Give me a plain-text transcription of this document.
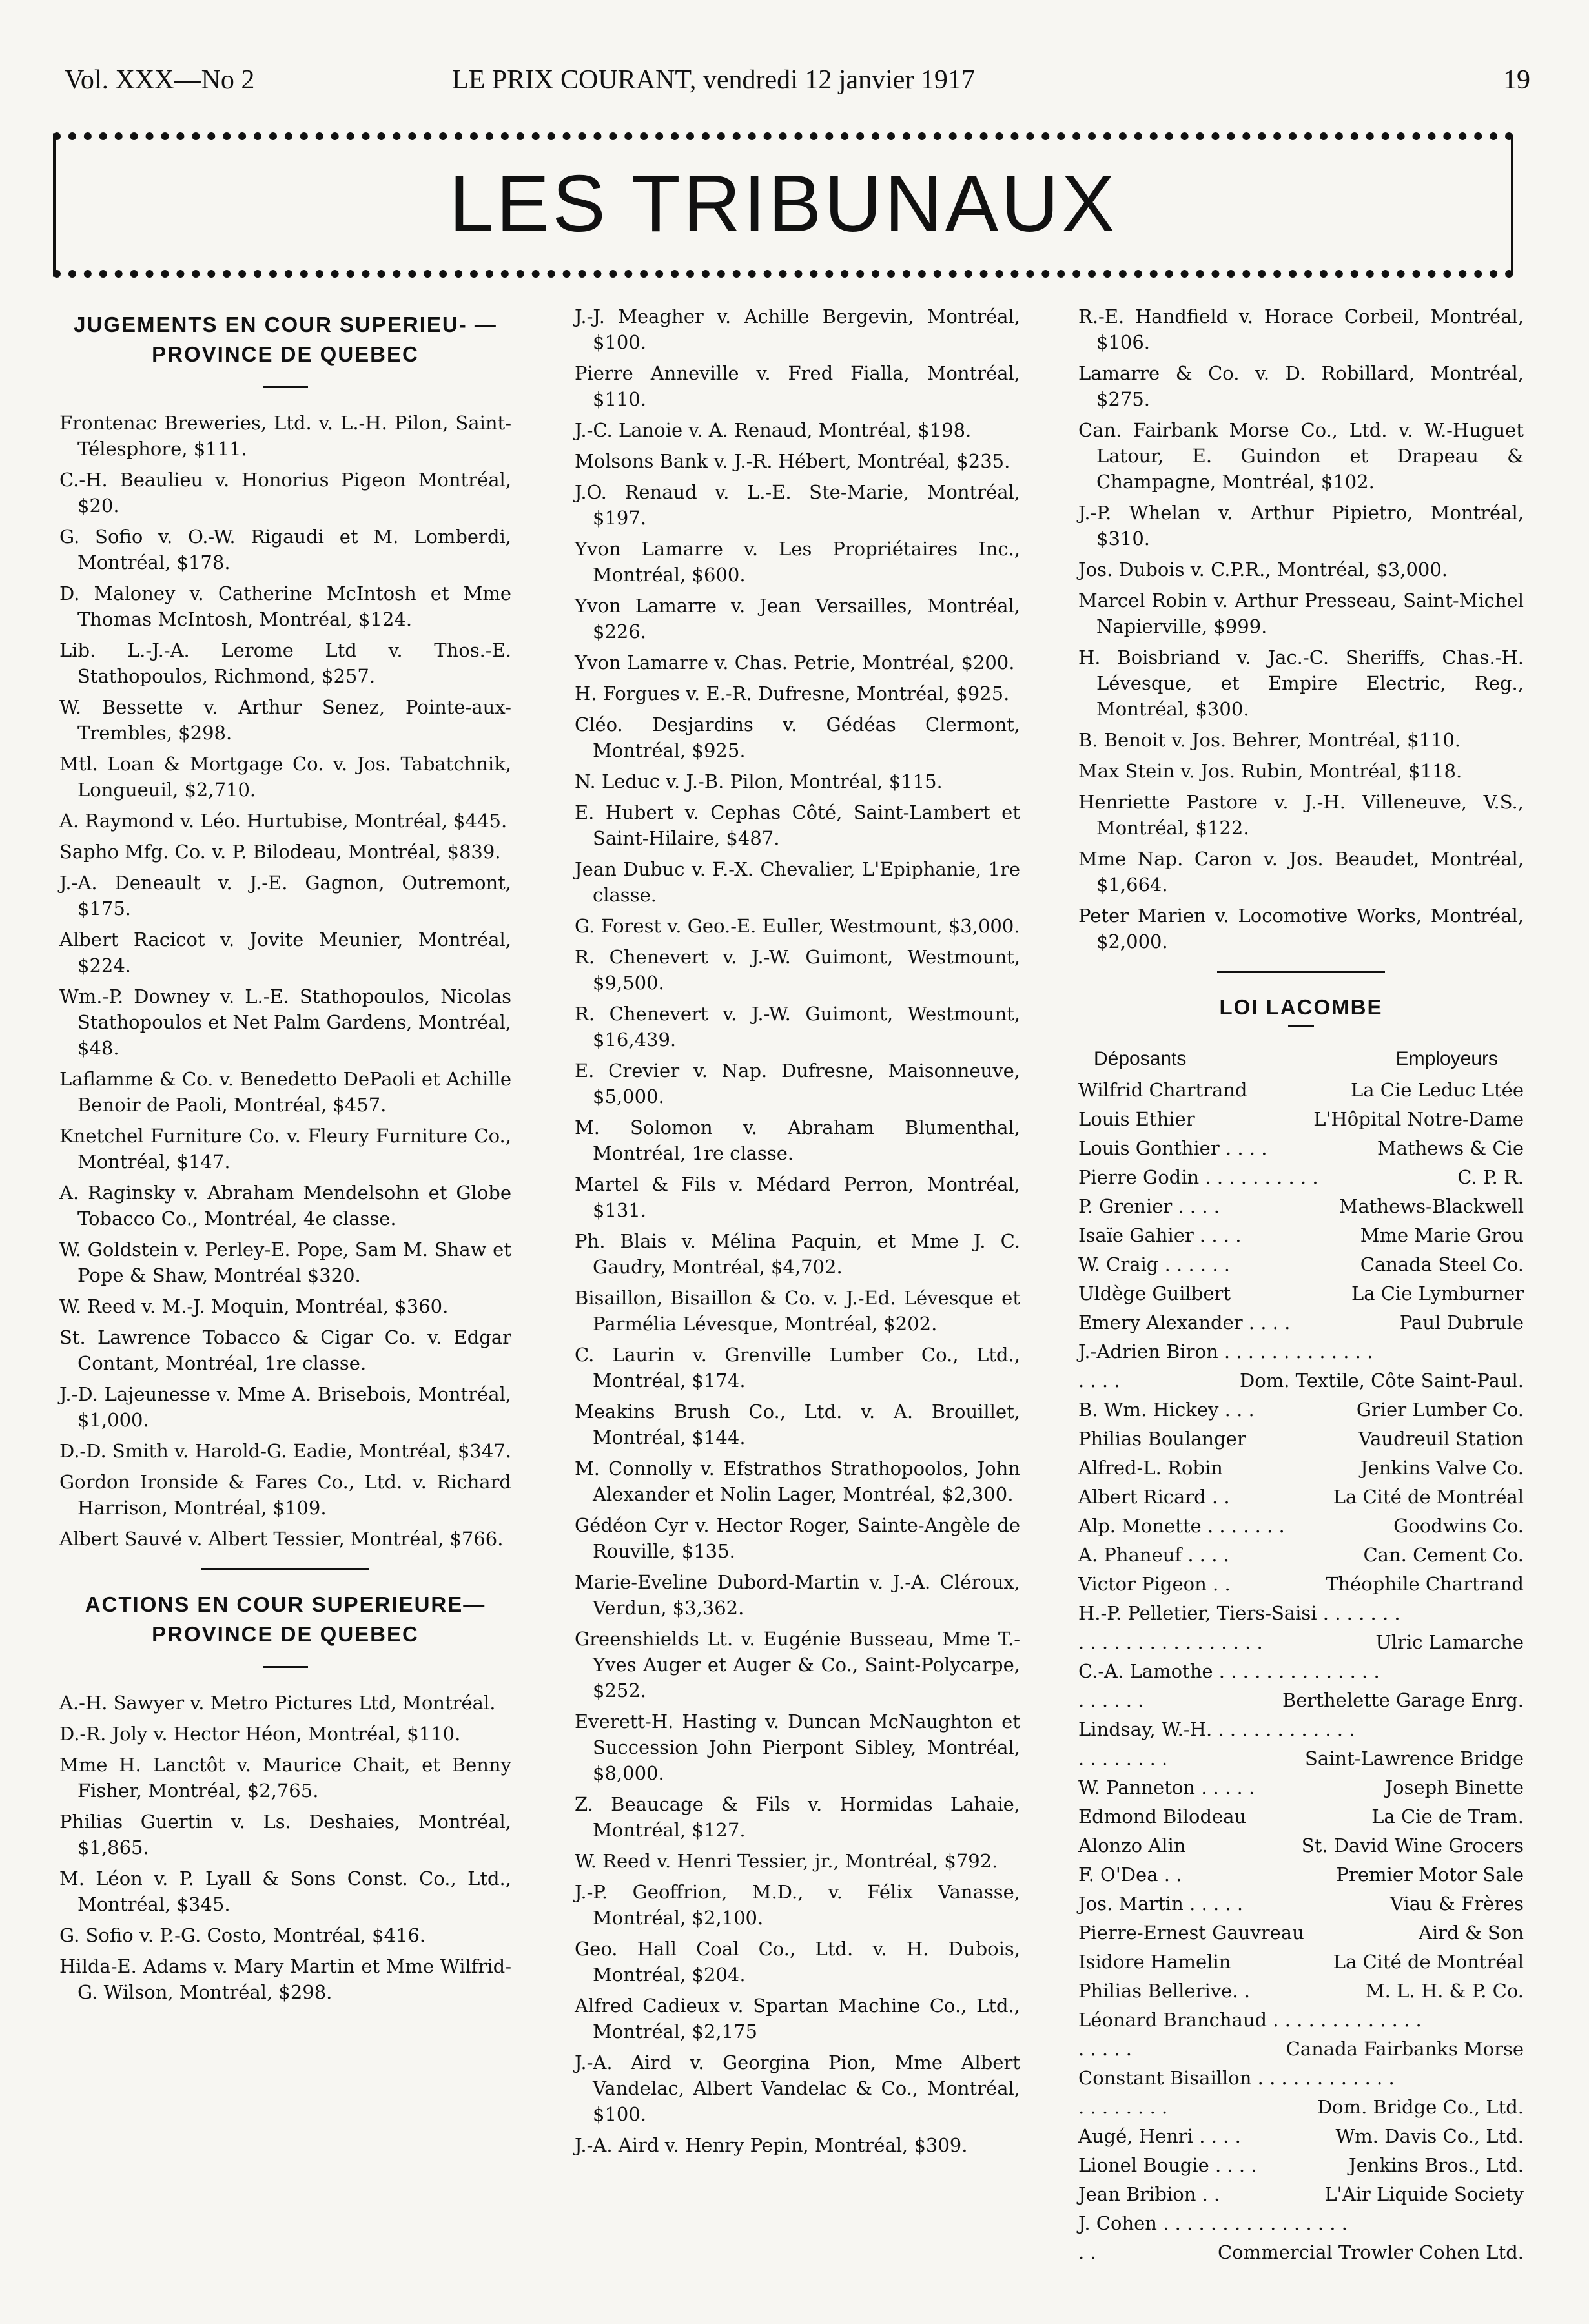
Vol. XXX—No 2	LE PRIX COURANT, vendredi 12 janvier 1917	19
LES TRIBUNAUX
JUGEMENTS EN COUR SUPERIEU- —PROVINCE DE QUEBEC

Frontenac Breweries, Ltd. v. L.-H. Pilon, Saint-Télesphore, $111.

C.-H. Beaulieu v. Honorius Pigeon Montréal, $20.

G. Sofio v. O.-W. Rigaudi et M. Lomberdi, Montréal, $178.

D. Maloney v. Catherine McIntosh et Mme Thomas McIntosh, Montréal, $124.

Lib. L.-J.-A. Lerome Ltd v. Thos.-E. Stathopoulos, Richmond, $257.

W. Bessette v. Arthur Senez, Pointe-aux-Trembles, $298.

Mtl. Loan & Mortgage Co. v. Jos. Tabatchnik, Longueuil, $2,710.

A. Raymond v. Léo. Hurtubise, Montréal, $445.

Sapho Mfg. Co. v. P. Bilodeau, Montréal, $839.

J.-A. Deneault v. J.-E. Gagnon, Outremont, $175.

Albert Racicot v. Jovite Meunier, Montréal, $224.

Wm.-P. Downey v. L.-E. Stathopoulos, Nicolas Stathopoulos et Net Palm Gardens, Montréal, $48.

Laflamme & Co. v. Benedetto DePaoli et Achille Benoir de Paoli, Montréal, $457.

Knetchel Furniture Co. v. Fleury Furniture Co., Montréal, $147.

A. Raginsky v. Abraham Mendelsohn et Globe Tobacco Co., Montréal, 4e classe.

W. Goldstein v. Perley-E. Pope, Sam M. Shaw et Pope & Shaw, Montréal $320.

W. Reed v. M.-J. Moquin, Montréal, $360.

St. Lawrence Tobacco & Cigar Co. v. Edgar Contant, Montréal, 1re classe.

J.-D. Lajeunesse v. Mme A. Brisebois, Montréal, $1,000.

D.-D. Smith v. Harold-G. Eadie, Montréal, $347.

Gordon Ironside & Fares Co., Ltd. v. Richard Harrison, Montréal, $109.

Albert Sauvé v. Albert Tessier, Montréal, $766.

ACTIONS EN COUR SUPERIEURE— PROVINCE DE QUEBEC

A.-H. Sawyer v. Metro Pictures Ltd, Montréal.

D.-R. Joly v. Hector Héon, Montréal, $110.

Mme H. Lanctôt v. Maurice Chait, et Benny Fisher, Montréal, $2,765.

Philias Guertin v. Ls. Deshaies, Montréal, $1,865.

M. Léon v. P. Lyall & Sons Const. Co., Ltd., Montréal, $345.

G. Sofio v. P.-G. Costo, Montréal, $416.

Hilda-E. Adams v. Mary Martin et Mme Wilfrid-G. Wilson, Montréal, $298.

J.-J. Meagher v. Achille Bergevin, Montréal, $100.

Pierre Anneville v. Fred Fialla, Montréal, $110.

J.-C. Lanoie v. A. Renaud, Montréal, $198.

Molsons Bank v. J.-R. Hébert, Montréal, $235.

J.O. Renaud v. L.-E. Ste-Marie, Montréal, $197.

Yvon Lamarre v. Les Propriétaires Inc., Montréal, $600.

Yvon Lamarre v. Jean Versailles, Montréal, $226.

Yvon Lamarre v. Chas. Petrie, Montréal, $200.

H. Forgues v. E.-R. Dufresne, Montréal, $925.

Cléo. Desjardins v. Gédéas Clermont, Montréal, $925.

N. Leduc v. J.-B. Pilon, Montréal, $115.

E. Hubert v. Cephas Côté, Saint-Lambert et Saint-Hilaire, $487.

Jean Dubuc v. F.-X. Chevalier, L'Epiphanie, 1re classe.

G. Forest v. Geo.-E. Euller, Westmount, $3,000.

R. Chenevert v. J.-W. Guimont, Westmount, $9,500.

R. Chenevert v. J.-W. Guimont, Westmount, $16,439.

E. Crevier v. Nap. Dufresne, Maisonneuve, $5,000.

M. Solomon v. Abraham Blumenthal, Montréal, 1re classe.

Martel & Fils v. Médard Perron, Montréal, $131.

Ph. Blais v. Mélina Paquin, et Mme J. C. Gaudry, Montréal, $4,702.

Bisaillon, Bisaillon & Co. v. J.-Ed. Lévesque et Parmélia Lévesque, Montréal, $202.

C. Laurin v. Grenville Lumber Co., Ltd., Montréal, $174.

Meakins Brush Co., Ltd. v. A. Brouillet, Montréal, $144.

M. Connolly v. Efstrathos Strathopoolos, John Alexander et Nolin Lager, Montréal, $2,300.

Gédéon Cyr v. Hector Roger, Sainte-Angèle de Rouville, $135.

Marie-Eveline Dubord-Martin v. J.-A. Cléroux, Verdun, $3,362.

Greenshields Lt. v. Eugénie Busseau, Mme T.-Yves Auger et Auger & Co., Saint-Polycarpe, $252.

Everett-H. Hasting v. Duncan McNaughton et Succession John Pierpont Sibley, Montréal, $8,000.

Z. Beaucage & Fils v. Hormidas Lahaie, Montréal, $127.

W. Reed v. Henri Tessier, jr., Montréal, $792.

J.-P. Geoffrion, M.D., v. Félix Vanasse, Montréal, $2,100.

Geo. Hall Coal Co., Ltd. v. H. Dubois, Montréal, $204.

Alfred Cadieux v. Spartan Machine Co., Ltd., Montréal, $2,175

J.-A. Aird v. Georgina Pion, Mme Albert Vandelac, Albert Vandelac & Co., Montréal, $100.

J.-A. Aird v. Henry Pepin, Montréal, $309.

R.-E. Handfield v. Horace Corbeil, Montréal, $106.

Lamarre & Co. v. D. Robillard, Montréal, $275.

Can. Fairbank Morse Co., Ltd. v. W.-Huguet Latour, E. Guindon et Drapeau & Champagne, Montréal, $102.

J.-P. Whelan v. Arthur Pipietro, Montréal, $310.

Jos. Dubois v. C.P.R., Montréal, $3,000.

Marcel Robin v. Arthur Presseau, Saint-Michel Napierville, $999.

H. Boisbriand v. Jac.-C. Sheriffs, Chas.-H. Lévesque, et Empire Electric, Reg., Montréal, $300.

B. Benoit v. Jos. Behrer, Montréal, $110.

Max Stein v. Jos. Rubin, Montréal, $118.

Henriette Pastore v. J.-H. Villeneuve, V.S., Montréal, $122.

Mme Nap. Caron v. Jos. Beaudet, Montréal, $1,664.

Peter Marien v. Locomotive Works, Montréal, $2,000.

LOI LACOMBE
Déposants	Employeurs
Wilfrid Chartrand	La Cie Leduc Ltée
Louis Ethier	L'Hôpital Notre-Dame
Louis Gonthier . . . .	Mathews & Cie
Pierre Godin . . . . . . . . . .	C. P. R.
P. Grenier . . . .	Mathews-Blackwell
Isaïe Gahier . . . .	Mme Marie Grou
W. Craig . . . . . .	Canada Steel Co.
Uldège Guilbert	La Cie Lymburner
Emery Alexander . . . .	Paul Dubrule
J.-Adrien Biron . . . . . . . . . . . . .
. . . .	Dom. Textile, Côte Saint-Paul.
B. Wm. Hickey . . .	Grier Lumber Co.
Philias Boulanger	Vaudreuil Station
Alfred-L. Robin	Jenkins Valve Co.
Albert Ricard . .	La Cité de Montréal
Alp. Monette . . . . . . .	Goodwins Co.
A. Phaneuf . . . .	Can. Cement Co.
Victor Pigeon . .	Théophile Chartrand
H.-P. Pelletier, Tiers-Saisi . . . . . . .
. . . . . . . . . . . . . . . .	Ulric Lamarche
C.-A. Lamothe . . . . . . . . . . . . . .
. . . . . .	Berthelette Garage Enrg.
Lindsay, W.-H. . . . . . . . . . . . .
. . . . . . . .	Saint-Lawrence Bridge
W. Panneton . . . . .	Joseph Binette
Edmond Bilodeau	La Cie de Tram.
Alonzo Alin	St. David Wine Grocers
F. O'Dea . .	Premier Motor Sale
Jos. Martin . . . . .	Viau & Frères
Pierre-Ernest Gauvreau	Aird & Son
Isidore Hamelin	La Cité de Montréal
Philias Bellerive. .	M. L. H. & P. Co.
Léonard Branchaud . . . . . . . . . . . . .
. . . . .	Canada Fairbanks Morse
Constant Bisaillon . . . . . . . . . . . .
. . . . . . . .	Dom. Bridge Co., Ltd.
Augé, Henri . . . .	Wm. Davis Co., Ltd.
Lionel Bougie . . . .	Jenkins Bros., Ltd.
Jean Bribion . .	L'Air Liquide Society
J. Cohen . . . . . . . . . . . . . . . .
. .	Commercial Trowler Cohen Ltd.
